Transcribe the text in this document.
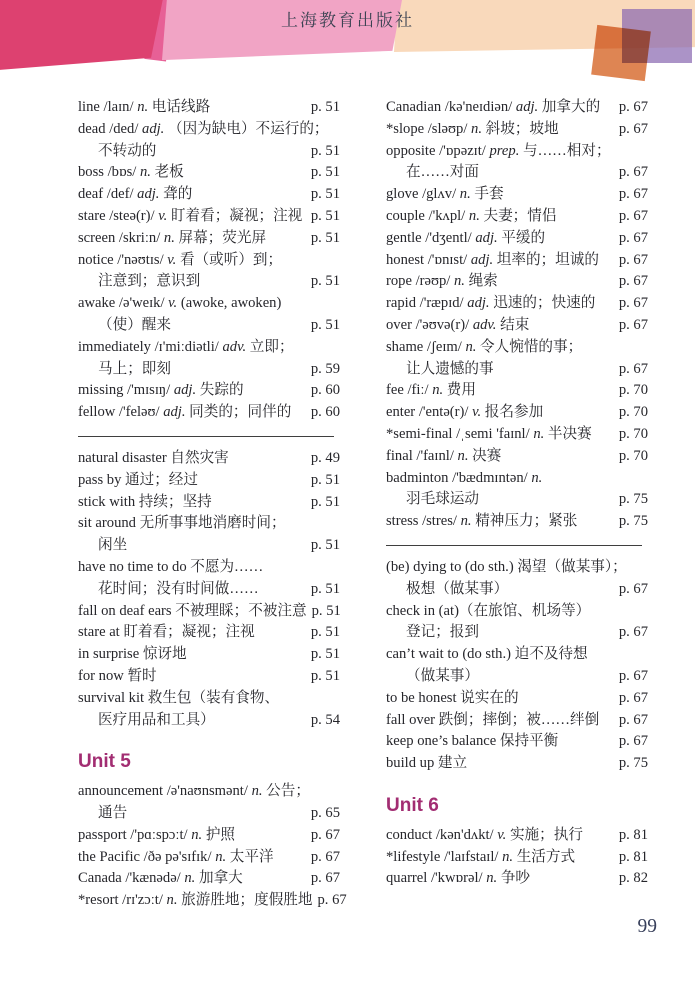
上海教育出版社
line /laɪn/ n. 电话线路	p. 51
dead /ded/ adj. （因为缺电）不运行的；
不转动的	p. 51
boss /bɒs/ n. 老板	p. 51
deaf /def/ adj. 聋的	p. 51
stare /steə(r)/ v. 盯着看；凝视；注视 p. 51
screen /skriːn/ n. 屏幕；荧光屏	p. 51
notice /'nəʊtɪs/ v. 看（或听）到；
注意到；意识到	p. 51
awake /ə'weɪk/ v. (awoke, awoken)
（使）醒来	p. 51
immediately /ɪ'miːdiətli/ adv. 立即；
马上；即刻	p. 59
missing /'mɪsɪŋ/ adj. 失踪的	p. 60
fellow /'feləʊ/ adj. 同类的；同伴的 p. 60
natural disaster 自然灾害	p. 49
pass by 通过；经过	p. 51
stick with 持续；坚持	p. 51
sit around 无所事事地消磨时间；
闲坐	p. 51
have no time to do 不愿为……
花时间；没有时间做……	p. 51
fall on deaf ears 不被理睬；不被注意 p. 51
stare at 盯着看；凝视；注视	p. 51
in surprise 惊讶地	p. 51
for now 暂时	p. 51
survival kit 救生包（装有食物、
医疗用品和工具）	p. 54
Unit 5
announcement /ə'naʊnsmənt/ n. 公告；
通告	p. 65
passport /'pɑːspɔːt/ n. 护照	p. 67
the Pacific /ðə pə'sɪfɪk/ n. 太平洋	p. 67
Canada /'kænədə/ n. 加拿大	p. 67
*resort /rɪ'zɔːt/ n. 旅游胜地；度假胜地 p. 67
Canadian /kə'neɪdiən/ adj. 加拿大的 p. 67
*slope /sləʊp/ n. 斜坡；坡地	p. 67
opposite /'ɒpəzɪt/ prep. 与……相对；
在……对面	p. 67
glove /glʌv/ n. 手套	p. 67
couple /'kʌpl/ n. 夫妻；情侣	p. 67
gentle /'dʒentl/ adj. 平缓的	p. 67
honest /'ɒnɪst/ adj. 坦率的；坦诚的 p. 67
rope /rəʊp/ n. 绳索	p. 67
rapid /'ræpɪd/ adj. 迅速的；快速的 p. 67
over /'əʊvə(r)/ adv. 结束	p. 67
shame /ʃeɪm/ n. 令人惋惜的事；
让人遗憾的事	p. 67
fee /fiː/ n. 费用	p. 70
enter /'entə(r)/ v. 报名参加	p. 70
*semi-final /ˌsemi 'faɪnl/ n. 半决赛 p. 70
final /'faɪnl/ n. 决赛	p. 70
badminton /'bædmɪntən/ n.
羽毛球运动	p. 75
stress /stres/ n. 精神压力；紧张	p. 75
(be) dying to (do sth.) 渴望（做某事）；
极想（做某事）	p. 67
check in (at)（在旅馆、机场等）
登记；报到	p. 67
can’t wait to (do sth.) 迫不及待想
（做某事）	p. 67
to be honest 说实在的	p. 67
fall over 跌倒；摔倒；被……绊倒 p. 67
keep one’s balance 保持平衡	p. 67
build up 建立	p. 75
Unit 6
conduct /kən'dʌkt/ v. 实施；执行 p. 81
*lifestyle /'laɪfstaɪl/ n. 生活方式	p. 81
quarrel /'kwɒrəl/ n. 争吵	p. 82
99
